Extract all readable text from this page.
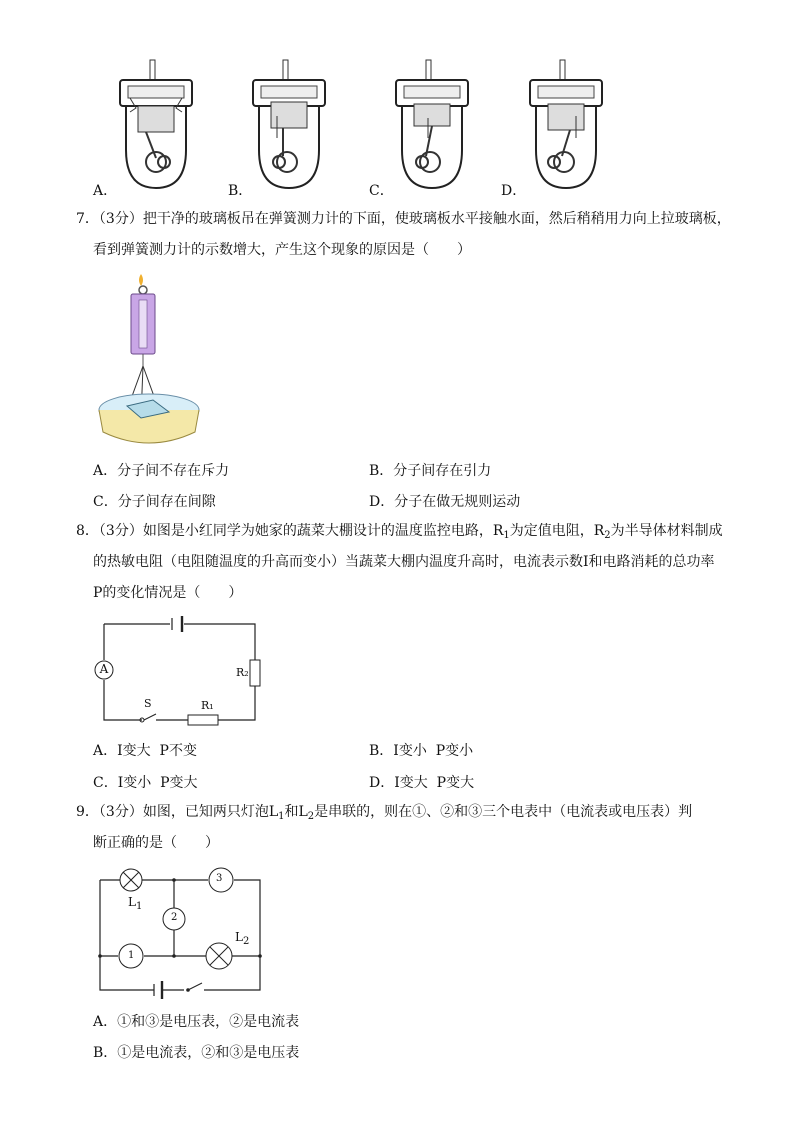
A．	B．	C．	D．
7．（3分）把干净的玻璃板吊在弹簧测力计的下面，使玻璃板水平接触水面，然后稍稍用力向上拉玻璃板，
看到弹簧测力计的示数增大，产生这个现象的原因是（　　）
A．分子间不存在斥力	B．分子间存在引力
C．分子间存在间隙	D．分子在做无规则运动
8．（3分）如图是小红同学为她家的蔬菜大棚设计的温度监控电路，$R_1$为定值电阻，$R_2$为半导体材料制成
的热敏电阻（电阻随温度的升高而变小）当蔬菜大棚内温度升高时，电流表示数I和电路消耗的总功率
P的变化情况是（　　）
A	R₂
S	R₁
A．I变大  P不变	B．I变小  P变小
C．I变小  P变大	D．I变大  P变大
9．（3分）如图，已知两只灯泡$L_1$和$L_2$是串联的，则在①、②和③三个电表中（电流表或电压表）判
断正确的是（　　）
3
2
1
$L_1$
$L_2$
A．①和③是电压表，②是电流表
B．①是电流表，②和③是电压表
